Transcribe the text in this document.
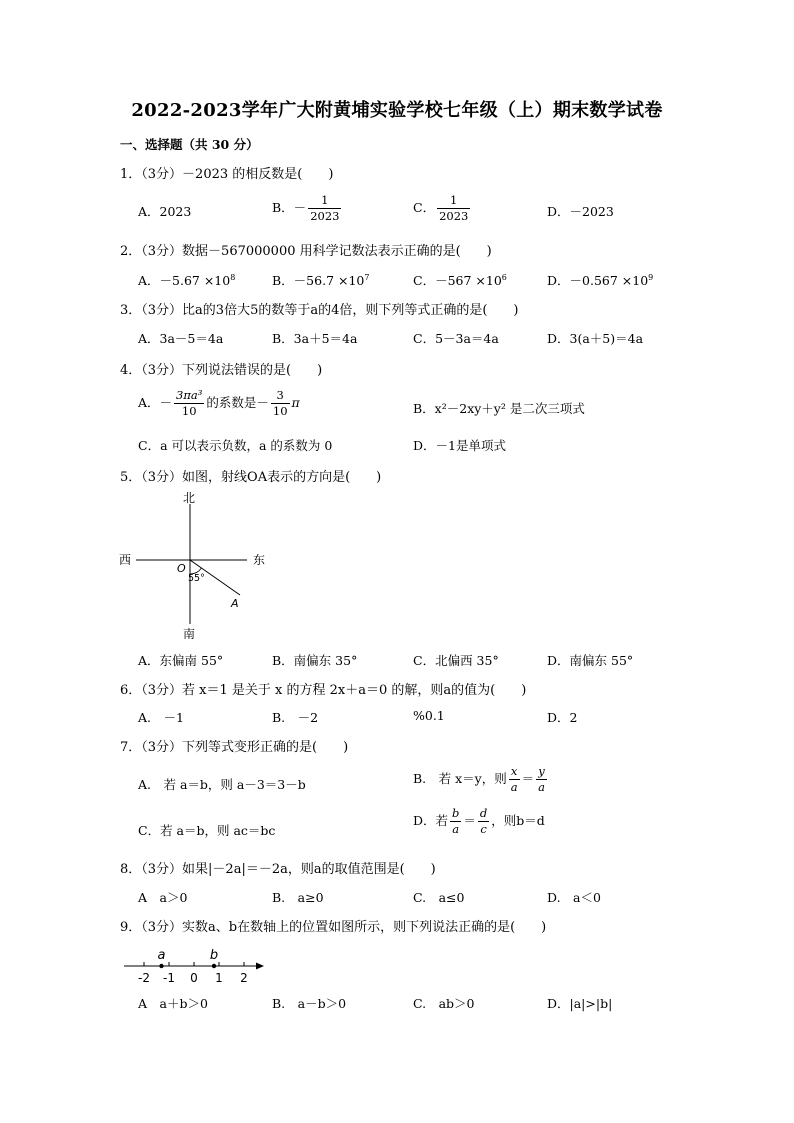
2022-2023学年广大附黄埔实验学校七年级（上）期末数学试卷
一、选择题（共 30 分）
1．（3分）－2023 的相反数是(　　)
A．2023	B．－ $\frac{1}{2023}$	C． $\frac{1}{2023}$	D．－2023
2．（3分）数据－567000000 用科学记数法表示正确的是(　　)
A．$-5.67 \times 10^8$	B．$-56.7 \times 10^7$	C．$-567 \times 10^6$	D．$-0.567 \times 10^9$
3．（3分）比a的3倍大5的数等于a的4倍，则下列等式正确的是(　　)
A．3a－5＝4a	B．3a＋5＝4a	C．5－3a＝4a	D．3(a＋5)＝4a
4．（3分）下列说法错误的是(　　)
A．－ $\frac{\text{3πa³}}{10}$ 的系数是－ $\frac{3}{10}$ π	B．x²－2xy＋y² 是二次三项式
C．a 可以表示负数，a 的系数为 0	D．－1是单项式
5．（3分）如图，射线OA表示的方向是(　　)
北
南
西	东
O
55°
A
A．东偏南 55°	B．南偏东 35°	C．北偏西 35°	D．南偏东 55°
6．（3分）若 x＝1 是关于 x 的方程 2x＋a＝0 的解，则a的值为(　　)
A.　－1	B.　－2	%0.1	D．2
7．（3分）下列等式变形正确的是(　　)
A.　若 a＝b，则 a－3＝3－b	B.　若 x＝y，则 $\frac{x}{a} = \frac{y}{a}$
C．若 a＝b，则 ac＝bc
D．若 $\frac{b}{a} = \frac{d}{c}$ ，则b＝d
8．（3分）如果|－2a|＝－2a，则a的取值范围是(　　)
A　a＞0	B.　a≥0	C.　a≤0	D.　a＜0
9．（3分）实数a、b在数轴上的位置如图所示，则下列说法正确的是(　　)
-2 -1 0 1 2
a	b
A　a＋b＞0	B.　a－b＞0	C.　ab＞0	D．|a|>|b|
